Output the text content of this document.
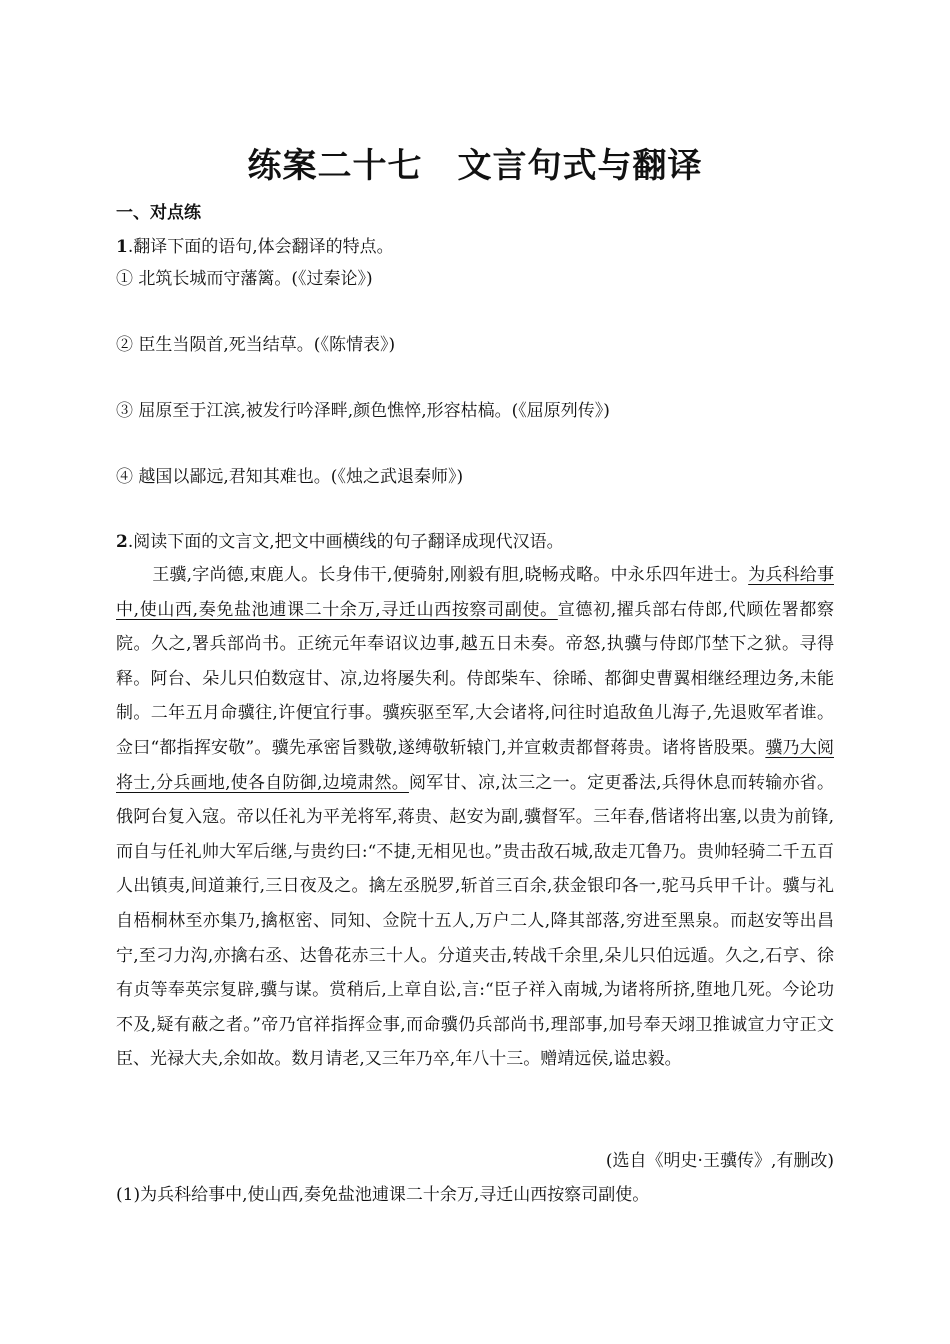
练案二十七　文言句式与翻译
一、对点练
1.翻译下面的语句,体会翻译的特点。
① 北筑长城而守藩篱。(《过秦论》)
② 臣生当陨首,死当结草。(《陈情表》)
③ 屈原至于江滨,被发行吟泽畔,颜色憔悴,形容枯槁。(《屈原列传》)
④ 越国以鄙远,君知其难也。(《烛之武退秦师》)
2.阅读下面的文言文,把文中画横线的句子翻译成现代汉语。
王骥,字尚德,束鹿人。长身伟干,便骑射,刚毅有胆,晓畅戎略。中永乐四年进士。为兵科给事中,使山西,奏免盐池逋课二十余万,寻迁山西按察司副使。宣德初,擢兵部右侍郎,代顾佐署都察院。久之,署兵部尚书。正统元年奉诏议边事,越五日未奏。帝怒,执骥与侍郎邝埜下之狱。寻得释。阿台、朵儿只伯数寇甘、凉,边将屡失利。侍郎柴车、徐晞、都御史曹翼相继经理边务,未能制。二年五月命骥往,许便宜行事。骥疾驱至军,大会诸将,问往时追敌鱼儿海子,先退败军者谁。佥曰“都指挥安敬”。骥先承密旨戮敬,遂缚敬斩辕门,并宣敕责都督蒋贵。诸将皆股栗。骥乃大阅将士,分兵画地,使各自防御,边境肃然。阅军甘、凉,汰三之一。定更番法,兵得休息而转输亦省。俄阿台复入寇。帝以任礼为平羌将军,蒋贵、赵安为副,骥督军。三年春,偕诸将出塞,以贵为前锋,而自与任礼帅大军后继,与贵约曰:“不捷,无相见也。”贵击敌石城,敌走兀鲁乃。贵帅轻骑二千五百人出镇夷,间道兼行,三日夜及之。擒左丞脱罗,斩首三百余,获金银印各一,驼马兵甲千计。骥与礼自梧桐林至亦集乃,擒枢密、同知、佥院十五人,万户二人,降其部落,穷进至黑泉。而赵安等出昌宁,至刁力沟,亦擒右丞、达鲁花赤三十人。分道夹击,转战千余里,朵儿只伯远遁。久之,石亨、徐有贞等奉英宗复辟,骥与谋。赏稍后,上章自讼,言:“臣子祥入南城,为诸将所挤,堕地几死。今论功不及,疑有蔽之者。”帝乃官祥指挥佥事,而命骥仍兵部尚书,理部事,加号奉天翊卫推诚宣力守正文臣、光禄大夫,余如故。数月请老,又三年乃卒,年八十三。赠靖远侯,谥忠毅。
(选自《明史·王骥传》,有删改)
(1)为兵科给事中,使山西,奏免盐池逋课二十余万,寻迁山西按察司副使。
